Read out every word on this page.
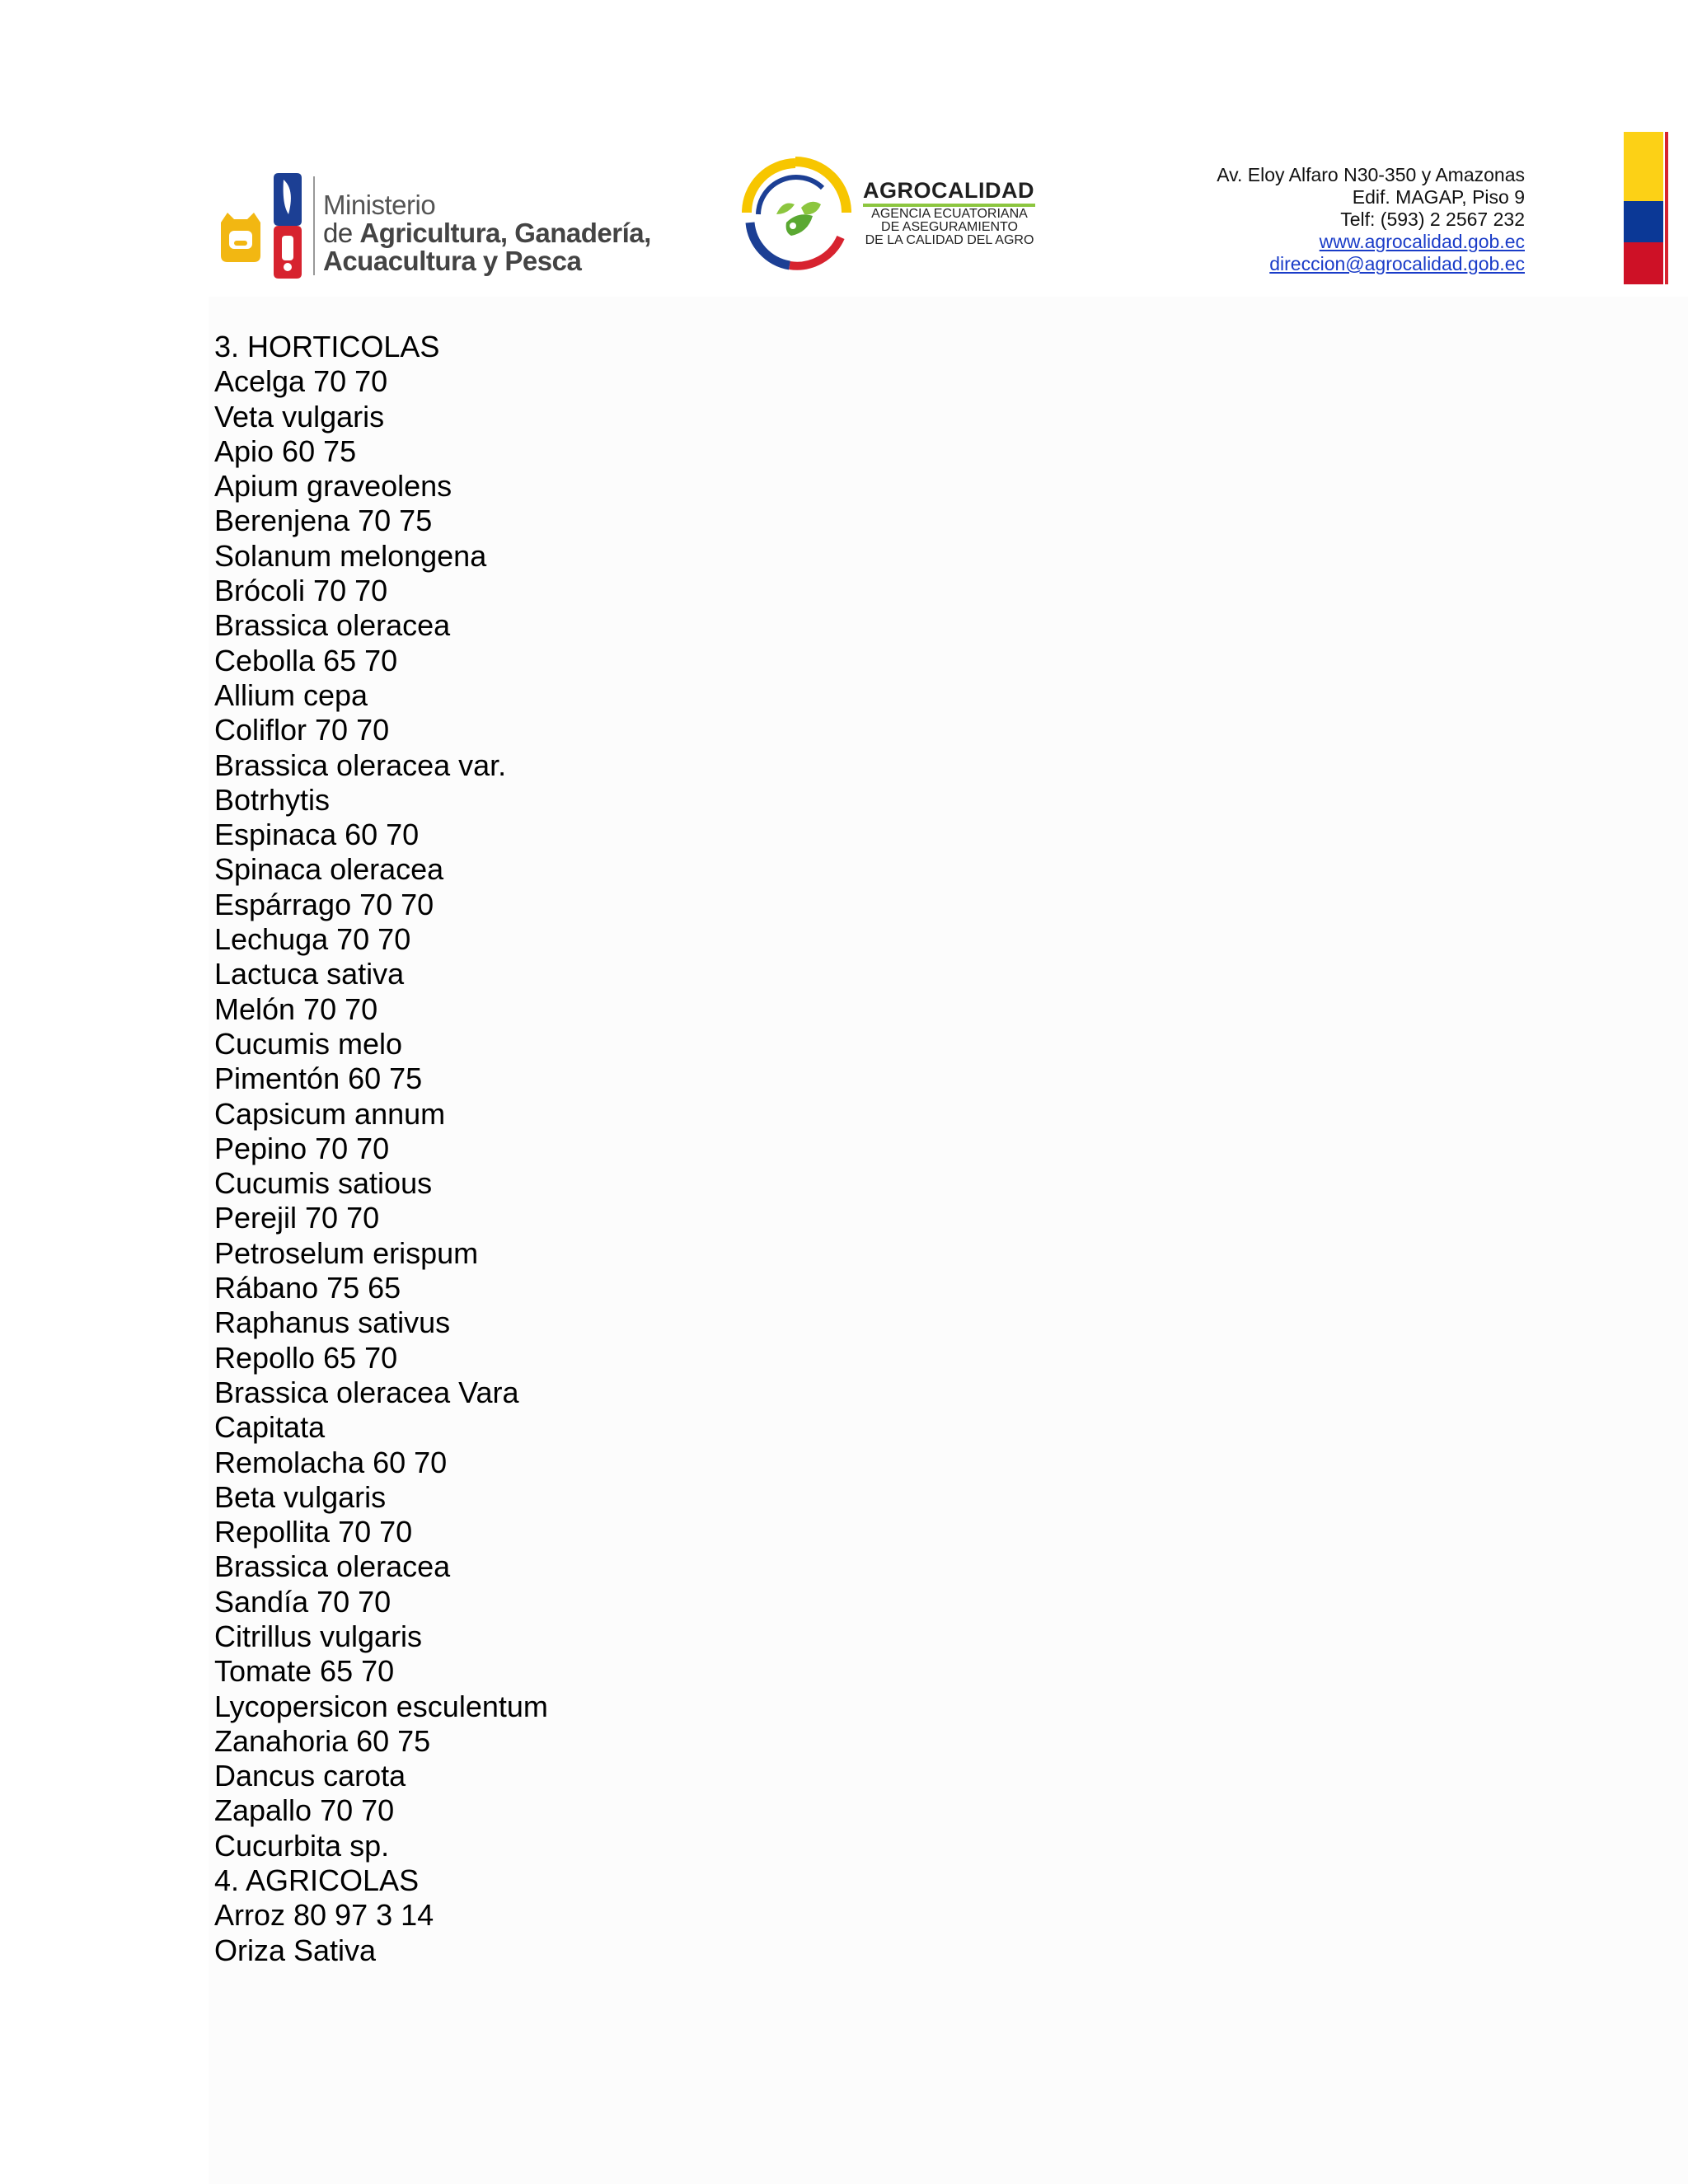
Ministerio
de Agricultura, Ganadería,
Acuacultura y Pesca
AGROCALIDAD
AGENCIA ECUATORIANA
DE ASEGURAMIENTO
DE LA CALIDAD DEL AGRO
Av. Eloy Alfaro N30-350 y Amazonas
Edif. MAGAP, Piso 9
Telf: (593) 2 2567 232
www.agrocalidad.gob.ec
direccion@agrocalidad.gob.ec
3. HORTICOLAS
Acelga 70 70
Veta vulgaris
Apio 60 75
Apium graveolens
Berenjena 70 75
Solanum melongena
Brócoli 70 70
Brassica oleracea
Cebolla 65 70
Allium cepa
Coliflor 70 70
Brassica oleracea var.
Botrhytis
Espinaca 60 70
Spinaca oleracea
Espárrago 70 70
Lechuga 70 70
Lactuca sativa
Melón 70 70
Cucumis melo
Pimentón 60 75
Capsicum annum
Pepino 70 70
Cucumis satious
Perejil 70 70
Petroselum erispum
Rábano 75 65
Raphanus sativus
Repollo 65 70
Brassica oleracea Vara
Capitata
Remolacha 60 70
Beta vulgaris
Repollita 70 70
Brassica oleracea
Sandía 70 70
Citrillus vulgaris
Tomate 65 70
Lycopersicon esculentum
Zanahoria 60 75
Dancus carota
Zapallo 70 70
Cucurbita sp.
4. AGRICOLAS
Arroz 80 97 3 14
Oriza Sativa
